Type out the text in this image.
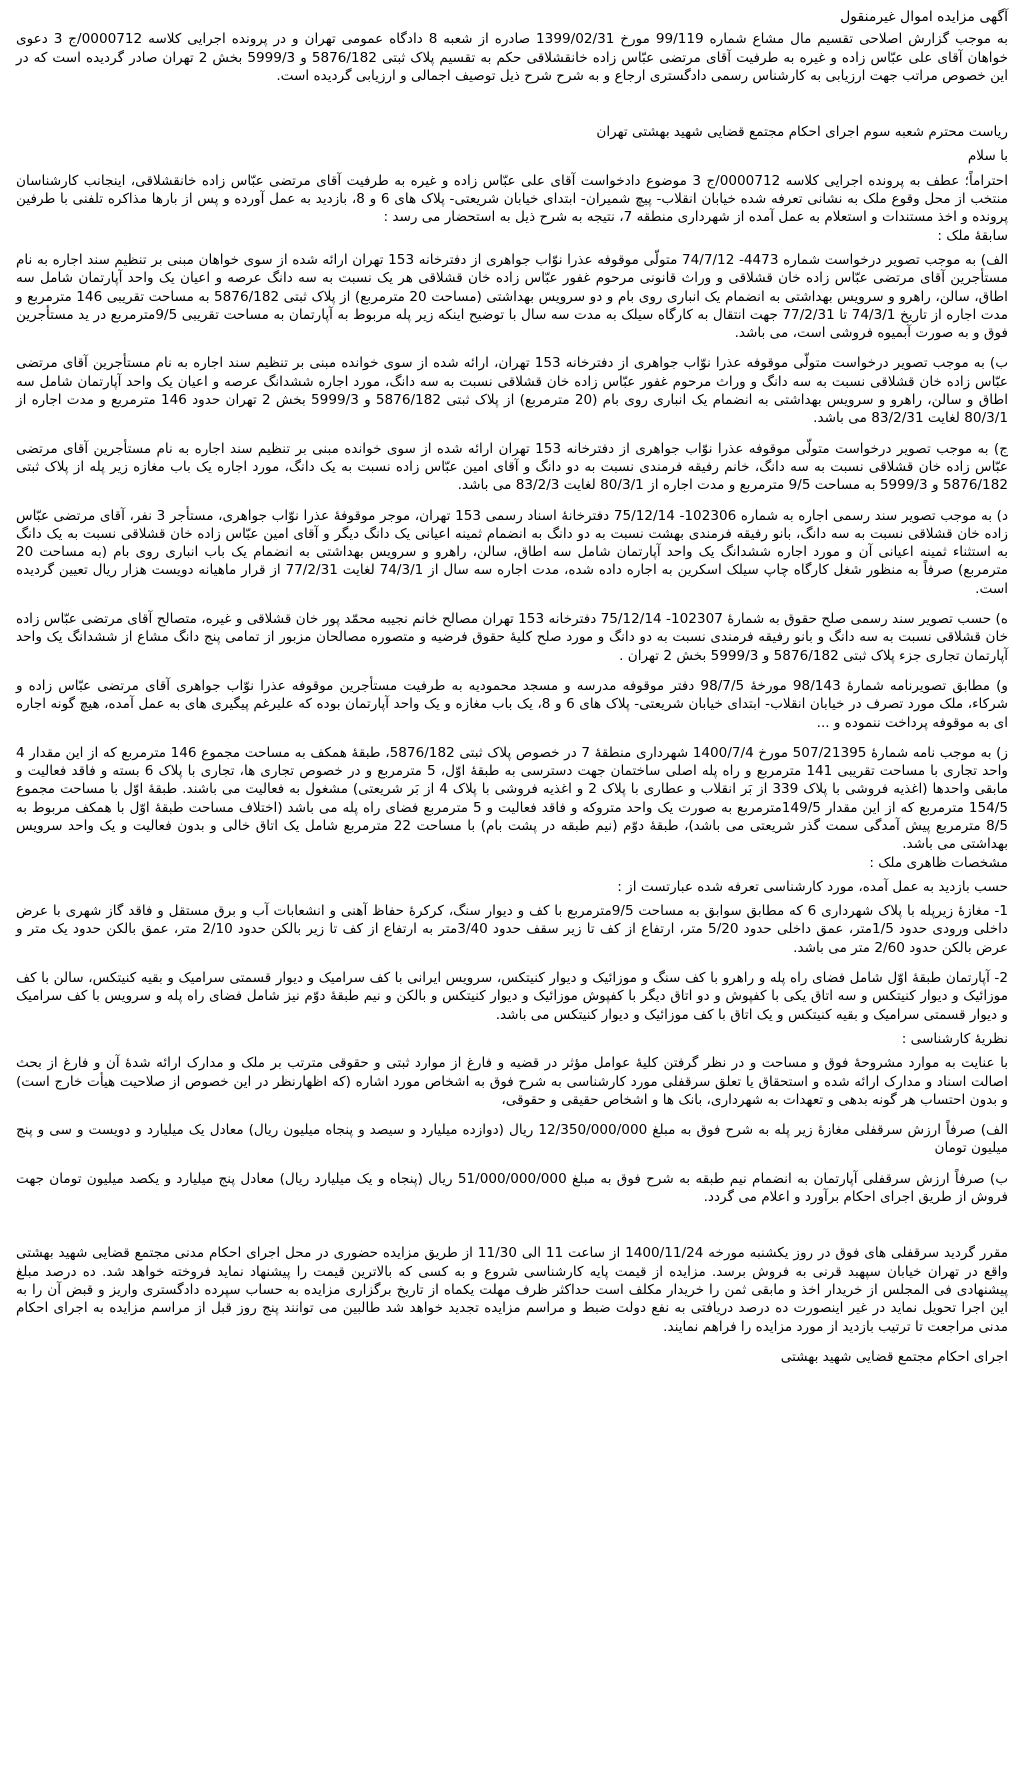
آگهی مزایده اموال غیرمنقول

به موجب گزارش اصلاحی تقسیم مال مشاع شماره 99/119 مورخ 1399/02/31 صادره از شعبه 8 دادگاه عمومی تهران و در پرونده اجرایی کلاسه 0000712/ج 3 دعوی خواهان آقای علی عبّاس زاده و غیره به طرفیت آقای مرتضی عبّاس زاده خانقشلاقی حکم به تقسیم پلاک ثبتی 5876/182 و 5999/3 بخش 2 تهران صادر گردیده است که در این خصوص مراتب جهت ارزیابی به کارشناس رسمی دادگستری ارجاع و به شرح شرح ذیل توصیف اجمالی و ارزیابی گردیده است.

ریاست محترم شعبه سوم اجرای احکام مجتمع قضایی شهید بهشتی تهران
با سلام

احتراماً؛ عطف به پرونده اجرایی کلاسه 0000712/ج 3 موضوع دادخواست آقای علی عبّاس زاده و غیره به طرفیت آقای مرتضی عبّاس زاده خانقشلاقی، اینجانب کارشناسان منتخب از محل وقوع ملک به نشانی تعرفه شده خیابان انقلاب- پیچ شمیران- ابتدای خیابان شریعتی- پلاک های 6 و 8، بازدید به عمل آورده و پس از بارها مذاکره تلفنی با طرفین پرونده و اخذ مستندات و استعلام به عمل آمده از شهرداری منطقه 7، نتیجه به شرح ذیل به استحضار می رسد :

سابقهٔ ملک :

الف) به موجب تصویر درخواست شماره 4473- 74/7/12 متولّی موقوفه عذرا نوّاب جواهری از دفترخانه 153 تهران ارائه شده از سوی خواهان مبنی بر تنظیم سند اجاره به نام مستأجرین آقای مرتضی عبّاس زاده خان قشلاقی و وراث قانونی مرحوم غفور عبّاس زاده خان قشلاقی هر یک نسبت به سه دانگ عرصه و اعیان یک واحد آپارتمان شامل سه اطاق، سالن، راهرو و سرویس بهداشتی به انضمام یک انباری روی بام و دو سرویس بهداشتی (مساحت 20 مترمربع) از پلاک ثبتی 5876/182 به مساحت تقریبی 146 مترمربع و مدت اجاره از تاریخ 74/3/1 تا 77/2/31 جهت انتقال به کارگاه سیلک به مدت سه سال با توضیح اینکه زیر پله مربوط به آپارتمان به مساحت تقریبی 9/5مترمربع در ید مستأجرین فوق و به صورت آبمیوه فروشی است، می باشد.

ب) به موجب تصویر درخواست متولّی موقوفه عذرا نوّاب جواهری از دفترخانه 153 تهران، ارائه شده از سوی خوانده مبنی بر تنظیم سند اجاره به نام مستأجرین آقای مرتضی عبّاس زاده خان قشلاقی نسبت به سه دانگ و وراث مرحوم غفور عبّاس زاده خان قشلاقی نسبت به سه دانگ، مورد اجاره ششدانگ عرصه و اعیان یک واحد آپارتمان شامل سه اطاق و سالن، راهرو و سرویس بهداشتی به انضمام یک انباری روی بام (20 مترمربع) از پلاک ثبتی 5876/182 و 5999/3 بخش 2 تهران حدود 146 مترمربع و مدت اجاره از 80/3/1 لغایت 83/2/31 می باشد.

ج) به موجب تصویر درخواست متولّی موقوفه عذرا نوّاب جواهری از دفترخانه 153 تهران ارائه شده از سوی خوانده مبنی بر تنظیم سند اجاره به نام مستأجرین آقای مرتضی عبّاس زاده خان قشلاقی نسبت به سه دانگ، خانم رفیقه فرمندی نسبت به دو دانگ و آقای امین عبّاس زاده نسبت به یک دانگ، مورد اجاره یک باب مغازه زیر پله از پلاک ثبتی 5876/182 و 5999/3 به مساحت 9/5 مترمربع و مدت اجاره از 80/3/1 لغایت 83/2/3 می باشد.

د) به موجب تصویر سند رسمی اجاره به شماره 102306- 75/12/14 دفترخانهٔ اسناد رسمی 153 تهران، موجر موقوفهٔ عذرا نوّاب جواهری، مستأجر 3 نفر، آقای مرتضی عبّاس زاده خان قشلاقی نسبت به سه دانگ، بانو رفیقه فرمندی بهشت نسبت به دو دانگ به انضمام ثمینه اعیانی یک دانگ دیگر و آقای امین عبّاس زاده خان قشلاقی نسبت به یک دانگ به استثناء ثمینه اعیانی آن و مورد اجاره ششدانگ یک واحد آپارتمان شامل سه اطاق، سالن، راهرو و سرویس بهداشتی به انضمام یک باب انباری روی بام (به مساحت 20 مترمربع) صرفاً به منظور شغل کارگاه چاپ سیلک اسکرین به اجاره داده شده، مدت اجاره سه سال از 74/3/1 لغایت 77/2/31 از قرار ماهیانه دویست هزار ریال تعیین گردیده است.

ه) حسب تصویر سند رسمی صلح حقوق به شمارهٔ 102307- 75/12/14 دفترخانه 153 تهران مصالح خانم نجیبه محمّد پور خان قشلاقی و غیره، متصالح آقای مرتضی عبّاس زاده خان قشلاقی نسبت به سه دانگ و بانو رفیقه فرمندی نسبت به دو دانگ و مورد صلح کلیهٔ حقوق فرضیه و متصوره مصالحان مزبور از تمامی پنج دانگ مشاع از ششدانگ یک واحد آپارتمان تجاری جزء پلاک ثبتی 5876/182 و 5999/3 بخش 2 تهران .

و) مطابق تصویرنامه شمارهٔ 98/143 مورخهٔ 98/7/5 دفتر موقوفه مدرسه و مسجد محمودیه به طرفیت مستأجرین موقوفه عذرا نوّاب جواهری آقای مرتضی عبّاس زاده و شرکاء، ملک مورد تصرف در خیابان انقلاب- ابتدای خیابان شریعتی- پلاک های 6 و 8، یک باب مغازه و یک واحد آپارتمان بوده که علیرغم پیگیری های به عمل آمده، هیچ گونه اجاره ای به موقوفه پرداخت ننموده و ...

ز) به موجب نامه شمارهٔ 507/21395 مورخ 1400/7/4 شهرداری منطقهٔ 7 در خصوص پلاک ثبتی 5876/182، طبقهٔ همکف به مساحت مجموع 146 مترمربع که از این مقدار 4 واحد تجاری با مساحت تقریبی 141 مترمربع و راه پله اصلی ساختمان جهت دسترسی به طبقهٔ اوّل، 5 مترمربع و در خصوص تجاری ها، تجاری با پلاک 6 بسته و فاقد فعالیت و مابقی واحدها (اغذیه فروشی با پلاک 339 از بَر انقلاب و عطاری با پلاک 2 و اغذیه فروشی با پلاک 4 از بَر شریعتی) مشغول به فعالیت می باشند. طبقهٔ اوّل با مساحت مجموع 154/5 مترمربع که از این مقدار 149/5مترمربع به صورت یک واحد متروکه و فاقد فعالیت و 5 مترمربع فضای راه پله می باشد (اختلاف مساحت طبقهٔ اوّل با همکف مربوط به 8/5 مترمربع پیش آمدگی سمت گذر شریعتی می باشد)، طبقهٔ دوّم (نیم طبقه در پشت بام) با مساحت 22 مترمربع شامل یک اتاق خالی و بدون فعالیت و یک واحد سرویس بهداشتی می باشد.

مشخصات ظاهری ملک :
حسب بازدید به عمل آمده، مورد کارشناسی تعرفه شده عبارتست از :

1- مغازهٔ زیرپله با پلاک شهرداری 6 که مطابق سوابق به مساحت 9/5مترمربع با کف و دیوار سنگ، کرکرهٔ حفاظ آهنی و انشعابات آب و برق مستقل و فاقد گاز شهری با عرض داخلی ورودی حدود 1/5متر، عمق داخلی حدود 5/20 متر، ارتفاع از کف تا زیر سقف حدود 3/40متر به ارتفاع از کف تا زیر بالکن حدود 2/10 متر، عمق بالکن حدود یک متر و عرض بالکن حدود 2/60 متر می باشد.

2- آپارتمان طبقهٔ اوّل شامل فضای راه پله و راهرو با کف سنگ و موزائیک و دیوار کنیتکس، سرویس ایرانی با کف سرامیک و دیوار قسمتی سرامیک و بقیه کنیتکس، سالن با کف موزائیک و دیوار کنیتکس و سه اتاق یکی با کفپوش و دو اتاق دیگر با کفپوش موزائیک و دیوار کنیتکس و بالکن و نیم طبقهٔ دوّم نیز شامل فضای راه پله و سرویس با کف سرامیک و دیوار قسمتی سرامیک و بقیه کنیتکس و یک اتاق با کف موزائیک و دیوار کنیتکس می باشد.

نظریهٔ کارشناسی :

با عنایت به موارد مشروحهٔ فوق و مساحت و در نظر گرفتن کلیهٔ عوامل مؤثر در قضیه و فارغ از موارد ثبتی و حقوقی مترتب بر ملک و مدارک ارائه شدهٔ آن و فارغ از بحث اصالت اسناد و مدارک ارائه شده و استحقاق یا تعلق سرقفلی مورد کارشناسی به شرح فوق به اشخاص مورد اشاره (که اظهارنظر در این خصوص از صلاحیت هیأت خارج است) و بدون احتساب هر گونه بدهی و تعهدات به شهرداری، بانک ها و اشخاص حقیقی و حقوقی،

الف) صرفاً ارزش سرقفلی مغازهٔ زیر پله به شرح فوق به مبلغ 12/350/000/000 ریال (دوازده میلیارد و سیصد و پنجاه میلیون ریال) معادل یک میلیارد و دویست و سی و پنج میلیون تومان

ب) صرفاً ارزش سرقفلی آپارتمان به انضمام نیم طبقه به شرح فوق به مبلغ 51/000/000/000 ریال (پنجاه و یک میلیارد ریال) معادل پنج میلیارد و یکصد میلیون تومان جهت فروش از طریق اجرای احکام برآورد و اعلام می گردد.

مقرر گردید سرقفلی های فوق در روز یکشنبه مورخه 1400/11/24 از ساعت 11 الی 11/30 از طریق مزایده حضوری در محل اجرای احکام مدنی مجتمع قضایی شهید بهشتی واقع در تهران خیابان سپهبد قرنی به فروش برسد. مزایده از قیمت پایه کارشناسی شروع و به کسی که بالاترین قیمت را پیشنهاد نماید فروخته خواهد شد. ده درصد مبلغ پیشنهادی فی المجلس از خریدار اخذ و مابقی ثمن را خریدار مکلف است حداکثر ظرف مهلت یکماه از تاریخ برگزاری مزایده به حساب سپرده دادگستری واریز و قبض آن را به این اجرا تحویل نماید در غیر اینصورت ده درصد دریافتی به نفع دولت ضبط و مراسم مزایده تجدید خواهد شد طالبین می توانند پنج روز قبل از مراسم مزایده به اجرای احکام مدنی مراجعت تا ترتیب بازدید از مورد مزایده را فراهم نمایند.

اجرای احکام مجتمع قضایی شهید بهشتی
